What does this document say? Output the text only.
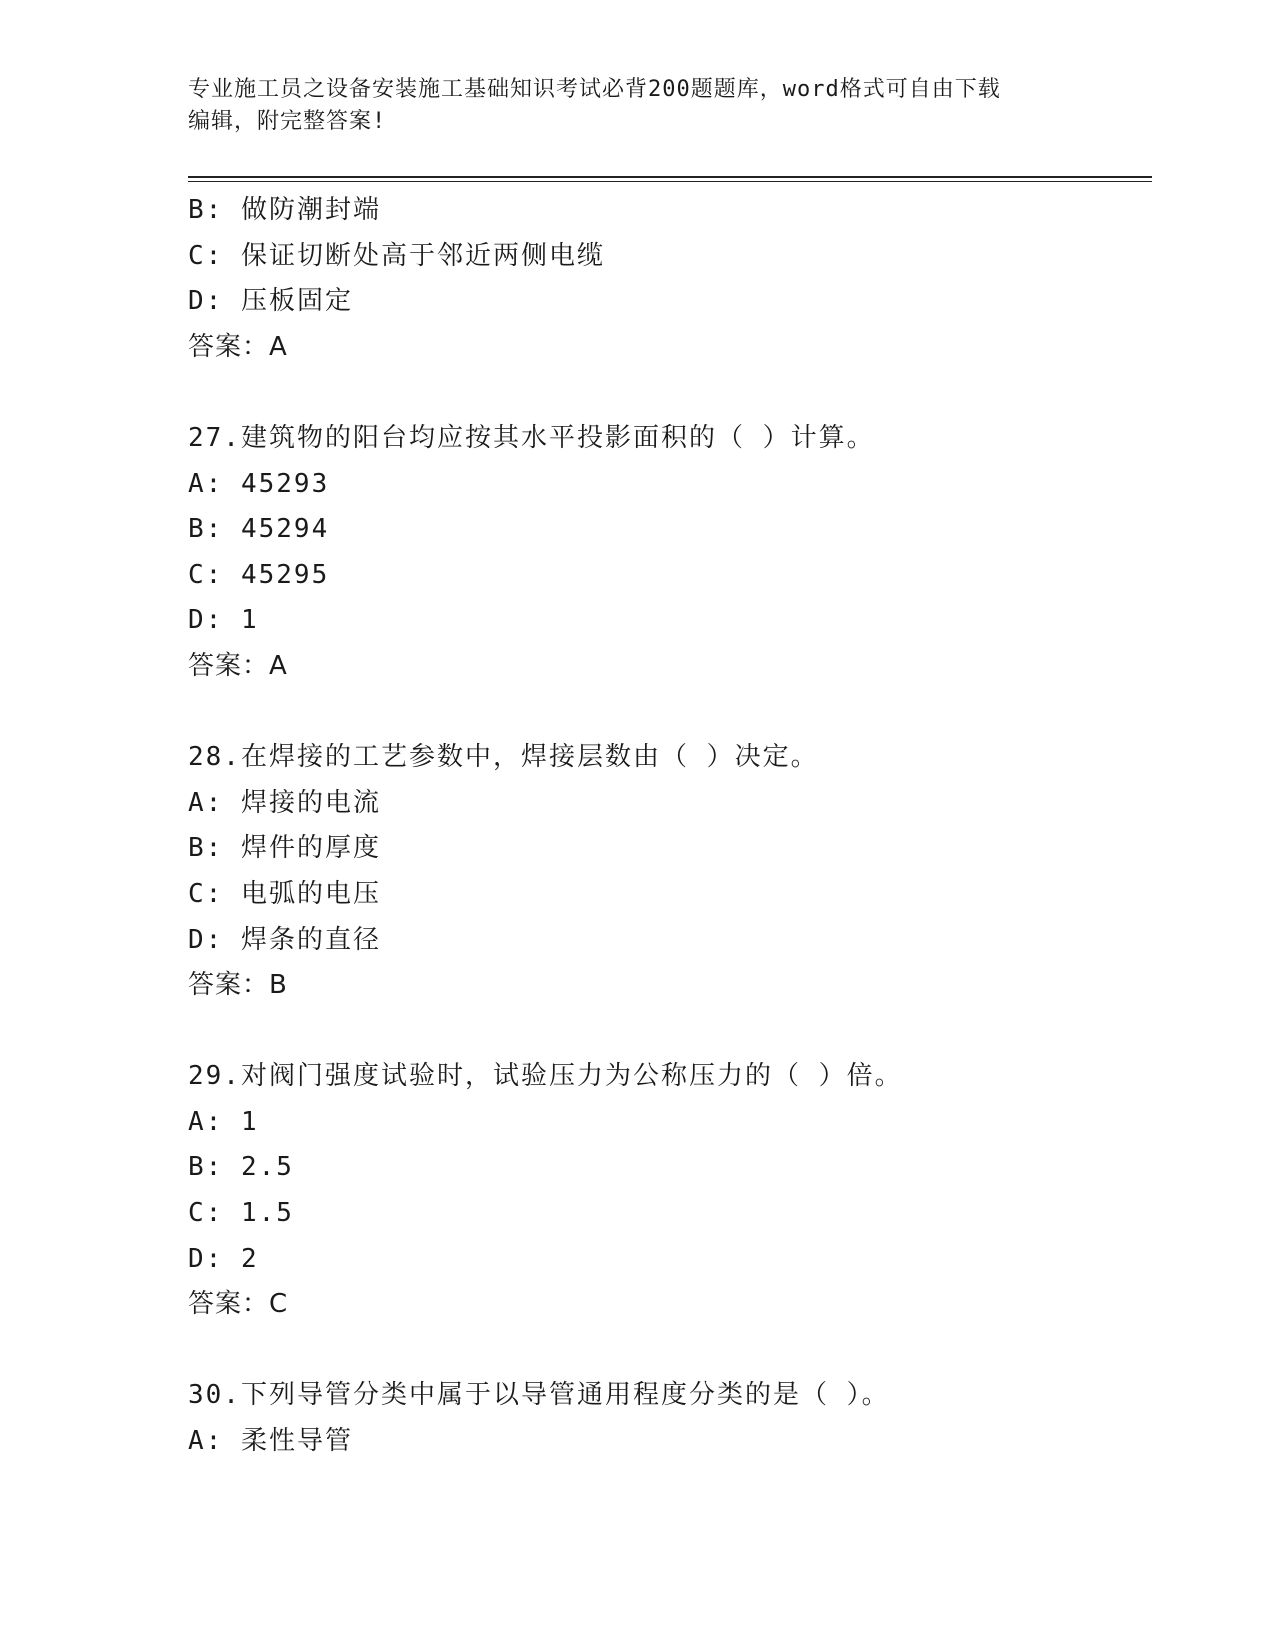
专业施工员之设备安装施工基础知识考试必背200题题库，word格式可自由下载
编辑，附完整答案!
B: 做防潮封端
C: 保证切断处高于邻近两侧电缆
D: 压板固定
答案：A
27.建筑物的阳台均应按其水平投影面积的（ ）计算。
A: 45293
B: 45294
C: 45295
D: 1
答案：A
28.在焊接的工艺参数中，焊接层数由（ ）决定。
A: 焊接的电流
B: 焊件的厚度
C: 电弧的电压
D: 焊条的直径
答案：B
29.对阀门强度试验时，试验压力为公称压力的（ ）倍。
A: 1
B: 2.5
C: 1.5
D: 2
答案：C
30.下列导管分类中属于以导管通用程度分类的是（ ）。
A: 柔性导管
